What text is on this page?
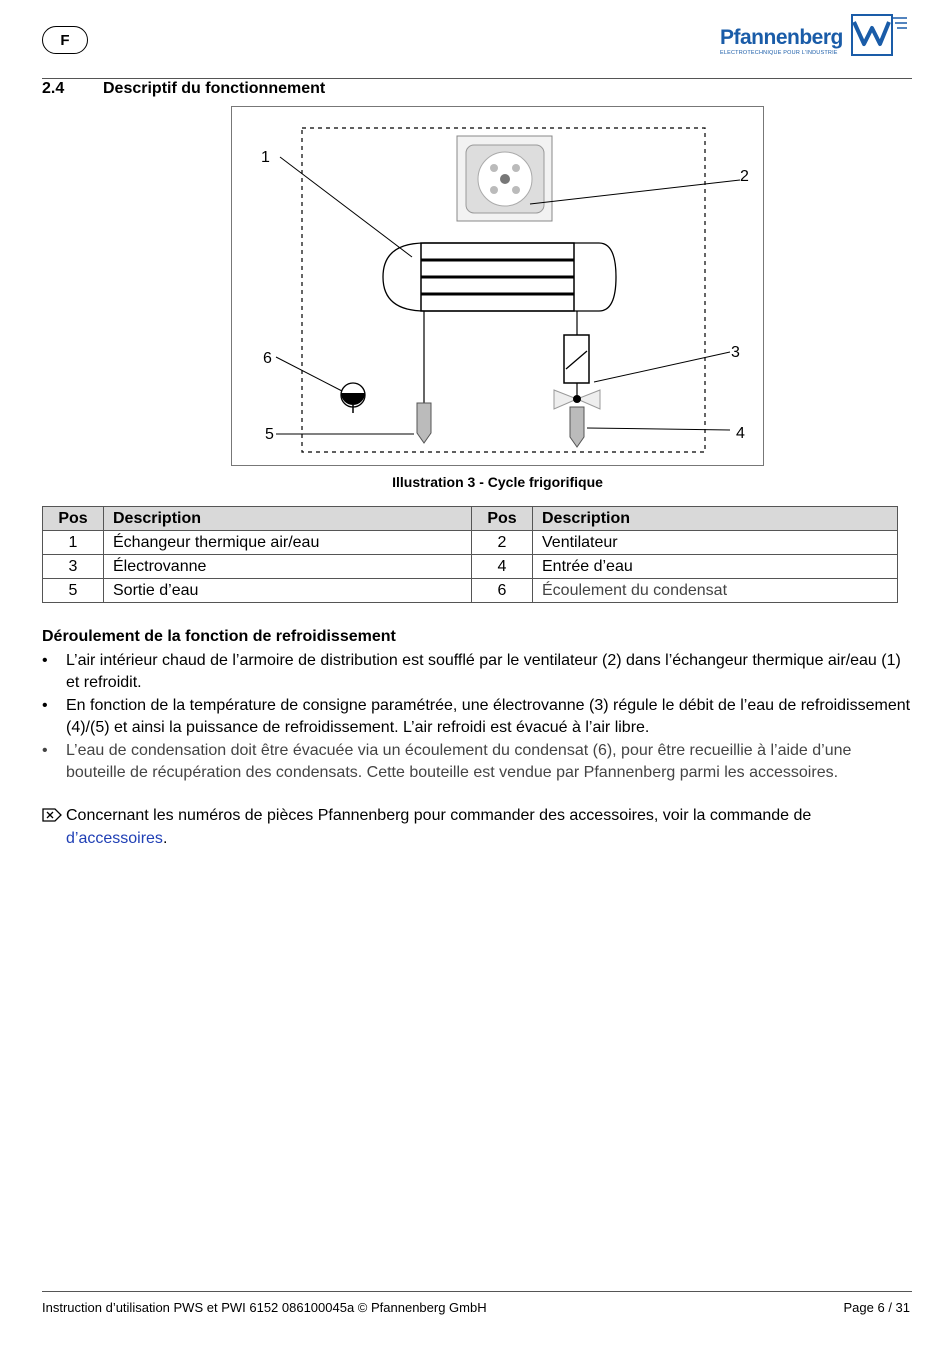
F	Pfannenberg
ELECTROTECHNIQUE POUR L'INDUSTRIE
2.4 Descriptif du fonctionnement
1
2
3
4
5
6
Illustration 3 - Cycle frigorifique
Pos	Description	Pos	Description
1	Échangeur thermique air/eau	2	Ventilateur
3	Électrovanne	4	Entrée d’eau
5	Sortie d’eau	6	Écoulement du condensat
Déroulement de la fonction de refroidissement
• L’air intérieur chaud de l’armoire de distribution est soufflé par le ventilateur (2) dans l’échangeur thermique air/eau (1) et refroidit.
• En fonction de la température de consigne paramétrée, une électrovanne (3) régule le débit de l’eau de refroidissement (4)/(5) et ainsi la puissance de refroidissement. L’air refroidi est évacué à l’air libre.
• L’eau de condensation doit être évacuée via un écoulement du condensat (6), pour être recueillie à l’aide d’une bouteille de récupération des condensats. Cette bouteille est vendue par Pfannenberg parmi les accessoires.
Concernant les numéros de pièces Pfannenberg pour commander des accessoires, voir la commande de
d’accessoires.
Instruction d’utilisation PWS et PWI 6152 086100045a © Pfannenberg GmbH	Page 6 / 31
